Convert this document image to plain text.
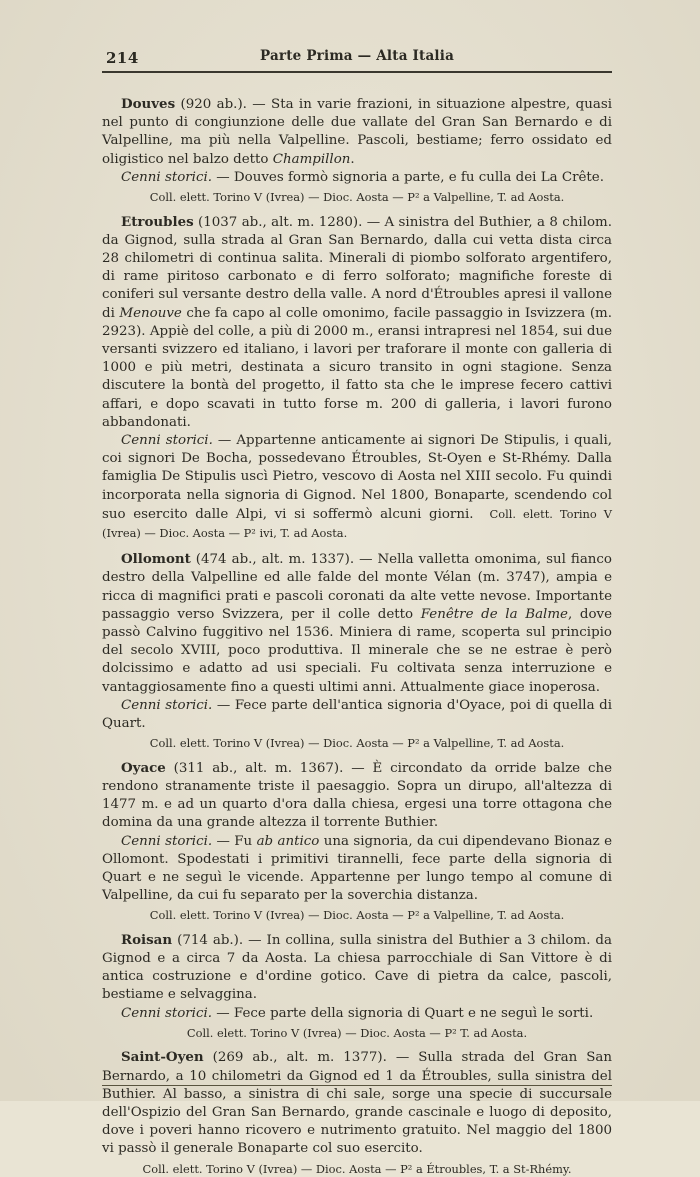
214	Parte Prima — Alta Italia

Douves (920 ab.). — Sta in varie frazioni, in situazione alpestre, quasi nel punto di congiunzione delle due vallate del Gran San Bernardo e di Valpelline, ma più nella Valpelline. Pascoli, bestiame; ferro ossidato ed oligistico nel balzo detto Champillon.

Cenni storici. — Douves formò signoria a parte, e fu culla dei La Crête.

Coll. elett. Torino V (Ivrea) — Dioc. Aosta — P² a Valpelline, T. ad Aosta.

Etroubles (1037 ab., alt. m. 1280). — A sinistra del Buthier, a 8 chilom. da Gignod, sulla strada al Gran San Bernardo, dalla cui vetta dista circa 28 chilometri di continua salita. Minerali di piombo solforato argentifero, di rame piritoso carbonato e di ferro solforato; magnifiche foreste di coniferi sul versante destro della valle. A nord d'Étroubles apresi il vallone di Menouve che fa capo al colle omonimo, facile passaggio in Isvizzera (m. 2923). Appiè del colle, a più di 2000 m., eransi intrapresi nel 1854, sui due versanti svizzero ed italiano, i lavori per traforare il monte con galleria di 1000 e più metri, destinata a sicuro transito in ogni stagione. Senza discutere la bontà del progetto, il fatto sta che le imprese fecero cattivi affari, e dopo scavati in tutto forse m. 200 di galleria, i lavori furono abbandonati.

Cenni storici. — Appartenne anticamente ai signori De Stipulis, i quali, coi signori De Bocha, possedevano Étroubles, St-Oyen e St-Rhémy. Dalla famiglia De Stipulis uscì Pietro, vescovo di Aosta nel XIII secolo. Fu quindi incorporata nella signoria di Gignod. Nel 1800, Bonaparte, scendendo col suo esercito dalle Alpi, vi si soffermò alcuni giorni. Coll. elett. Torino V (Ivrea) — Dioc. Aosta — P² ivi, T. ad Aosta.

Ollomont (474 ab., alt. m. 1337). — Nella valletta omonima, sul fianco destro della Valpelline ed alle falde del monte Vélan (m. 3747), ampia e ricca di magnifici prati e pascoli coronati da alte vette nevose. Importante passaggio verso Svizzera, per il colle detto Fenêtre de la Balme, dove passò Calvino fuggitivo nel 1536. Miniera di rame, scoperta sul principio del secolo XVIII, poco produttiva. Il minerale che se ne estrae è però dolcissimo e adatto ad usi speciali. Fu coltivata senza interruzione e vantaggiosamente fino a questi ultimi anni. Attualmente giace inoperosa.

Cenni storici. — Fece parte dell'antica signoria d'Oyace, poi di quella di Quart.

Coll. elett. Torino V (Ivrea) — Dioc. Aosta — P² a Valpelline, T. ad Aosta.

Oyace (311 ab., alt. m. 1367). — È circondato da orride balze che rendono stranamente triste il paesaggio. Sopra un dirupo, all'altezza di 1477 m. e ad un quarto d'ora dalla chiesa, ergesi una torre ottagona che domina da una grande altezza il torrente Buthier.

Cenni storici. — Fu ab antico una signoria, da cui dipendevano Bionaz e Ollomont. Spodestati i primitivi tirannelli, fece parte della signoria di Quart e ne seguì le vicende. Appartenne per lungo tempo al comune di Valpelline, da cui fu separato per la soverchia distanza.

Coll. elett. Torino V (Ivrea) — Dioc. Aosta — P² a Valpelline, T. ad Aosta.

Roisan (714 ab.). — In collina, sulla sinistra del Buthier a 3 chilom. da Gignod e a circa 7 da Aosta. La chiesa parrocchiale di San Vittore è di antica costruzione e d'ordine gotico. Cave di pietra da calce, pascoli, bestiame e selvaggina.

Cenni storici. — Fece parte della signoria di Quart e ne seguì le sorti.

Coll. elett. Torino V (Ivrea) — Dioc. Aosta — P² T. ad Aosta.

Saint-Oyen (269 ab., alt. m. 1377). — Sulla strada del Gran San Bernardo, a 10 chilometri da Gignod ed 1 da Étroubles, sulla sinistra del Buthier. Al basso, a sinistra di chi sale, sorge una specie di succursale dell'Ospizio del Gran San Bernardo, grande cascinale e luogo di deposito, dove i poveri hanno ricovero e nutrimento gratuito. Nel maggio del 1800 vi passò il generale Bonaparte col suo esercito.

Coll. elett. Torino V (Ivrea) — Dioc. Aosta — P² a Étroubles, T. a St-Rhémy.
